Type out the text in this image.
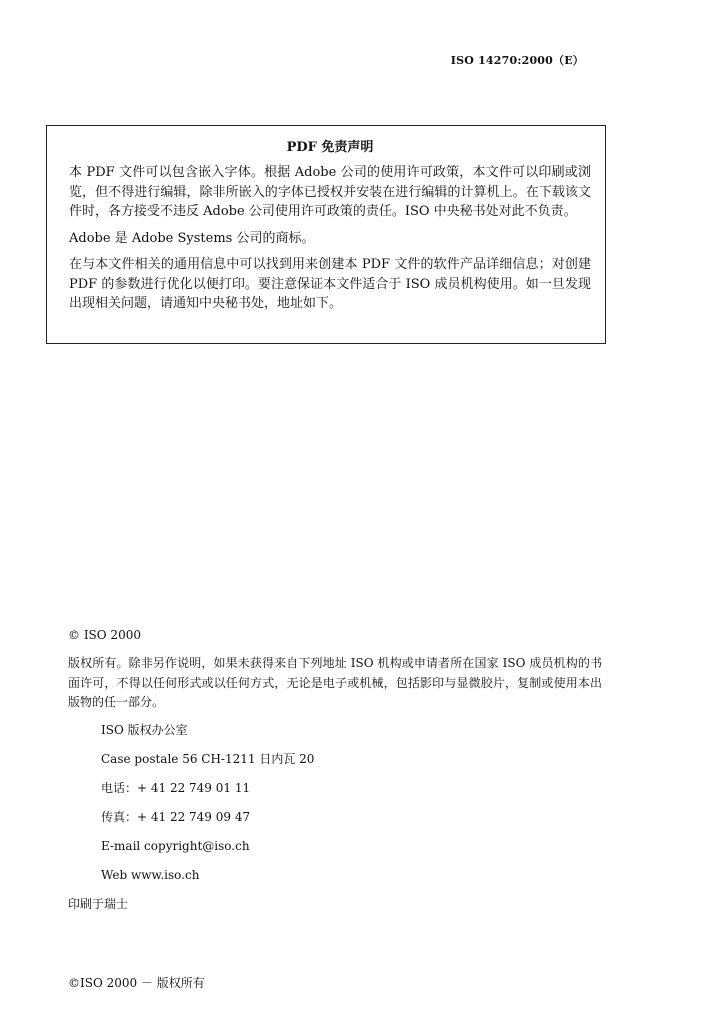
ISO 14270:2000（E）
PDF 免责声明

本 PDF 文件可以包含嵌入字体。根据 Adobe 公司的使用许可政策，本文件可以印刷或浏览，但不得进行编辑，除非所嵌入的字体已授权并安装在进行编辑的计算机上。在下载该文件时，各方接受不违反 Adobe 公司使用许可政策的责任。ISO 中央秘书处对此不负责。

Adobe 是 Adobe Systems 公司的商标。

在与本文件相关的通用信息中可以找到用来创建本 PDF 文件的软件产品详细信息；对创建 PDF 的参数进行优化以便打印。要注意保证本文件适合于 ISO 成员机构使用。如一旦发现出现相关问题，请通知中央秘书处，地址如下。

© ISO 2000

版权所有。除非另作说明，如果未获得来自下列地址 ISO 机构或申请者所在国家 ISO 成员机构的书面许可，不得以任何形式或以任何方式，无论是电子或机械，包括影印与显微胶片，复制或使用本出版物的任一部分。

ISO 版权办公室
Case postale 56 CH-1211 日内瓦 20
电话：+ 41 22 749 01 11
传真：+ 41 22 749 09 47
E-mail copyright@iso.ch
Web www.iso.ch
印刷于瑞士
©ISO 2000 － 版权所有
